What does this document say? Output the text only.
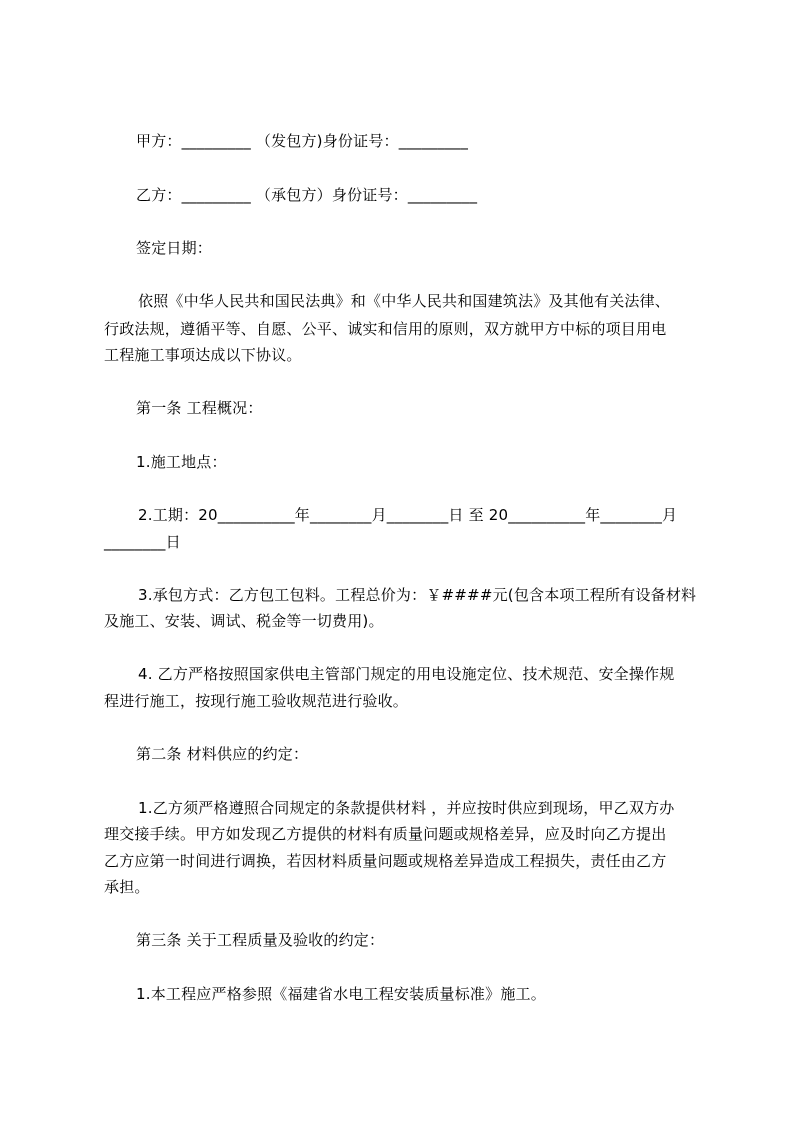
甲方：_________ （发包方)身份证号：_________
乙方：_________ （承包方）身份证号：_________
签定日期：
依照《中华人民共和国民法典》和《中华人民共和国建筑法》及其他有关法律、
行政法规，遵循平等、自愿、公平、诚实和信用的原则，双方就甲方中标的项目用电
工程施工事项达成以下协议。
第一条 工程概况：
1.施工地点：
2.工期：20__________年________月________日 至 20__________年________月
________日
3.承包方式：乙方包工包料。工程总价为：￥####元(包含本项工程所有设备材料
及施工、安装、调试、税金等一切费用)。
4. 乙方严格按照国家供电主管部门规定的用电设施定位、技术规范、安全操作规
程进行施工，按现行施工验收规范进行验收。
第二条 材料供应的约定：
1.乙方须严格遵照合同规定的条款提供材料 ，并应按时供应到现场，甲乙双方办
理交接手续。甲方如发现乙方提供的材料有质量问题或规格差异，应及时向乙方提出
乙方应第一时间进行调换，若因材料质量问题或规格差异造成工程损失，责任由乙方
承担。
第三条 关于工程质量及验收的约定：
1.本工程应严格参照《福建省水电工程安装质量标准》施工。
